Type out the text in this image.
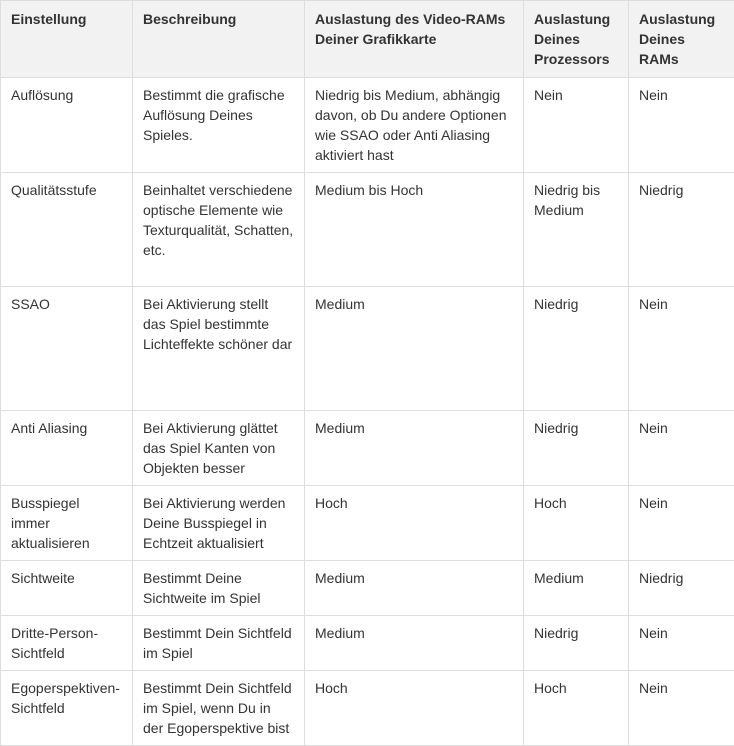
Einstellung	Beschreibung	Auslastung des Video-RAMs Deiner Grafikkarte	Auslastung Deines Prozessors	Auslastung Deines RAMs
Auflösung	Bestimmt die grafische Auflösung Deines Spieles.	Niedrig bis Medium, abhängig davon, ob Du andere Optionen wie SSAO oder Anti Aliasing aktiviert hast	Nein	Nein
Qualitätsstufe	Beinhaltet verschiedene optische Elemente wie Texturqualität, Schatten, etc.	Medium bis Hoch	Niedrig bis Medium	Niedrig
SSAO	Bei Aktivierung stellt das Spiel bestimmte Lichteffekte schöner dar	Medium	Niedrig	Nein
Anti Aliasing	Bei Aktivierung glättet das Spiel Kanten von Objekten besser	Medium	Niedrig	Nein
Busspiegel immer aktualisieren	Bei Aktivierung werden Deine Busspiegel in Echtzeit aktualisiert	Hoch	Hoch	Nein
Sichtweite	Bestimmt Deine Sichtweite im Spiel	Medium	Medium	Niedrig
Dritte-Person-Sichtfeld	Bestimmt Dein Sichtfeld im Spiel	Medium	Niedrig	Nein
Egoperspektiven-Sichtfeld	Bestimmt Dein Sichtfeld im Spiel, wenn Du in der Egoperspektive bist	Hoch	Hoch	Nein
